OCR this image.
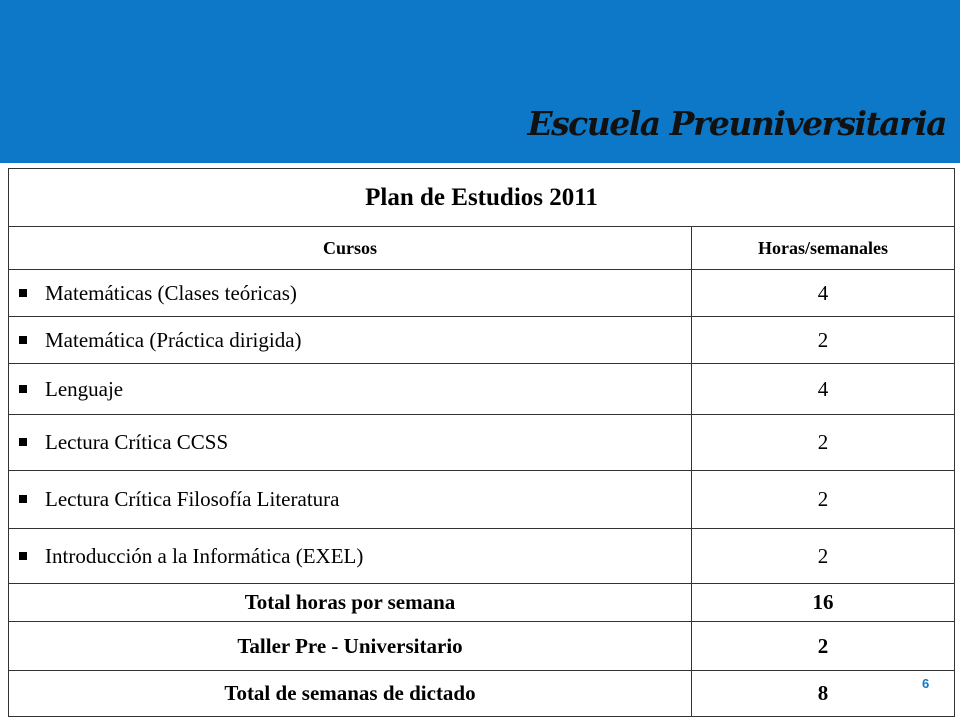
Escuela Preuniversitaria
Plan de Estudios 2011	
Cursos	Horas/semanales
Matemáticas (Clases teóricas)	4
Matemática (Práctica dirigida)	2
Lenguaje	4
Lectura Crítica CCSS	2
Lectura Crítica Filosofía Literatura	2
Introducción a la Informática (EXEL)	2
Total horas por semana	16
Taller Pre - Universitario	2
Total de semanas de dictado	8	6
